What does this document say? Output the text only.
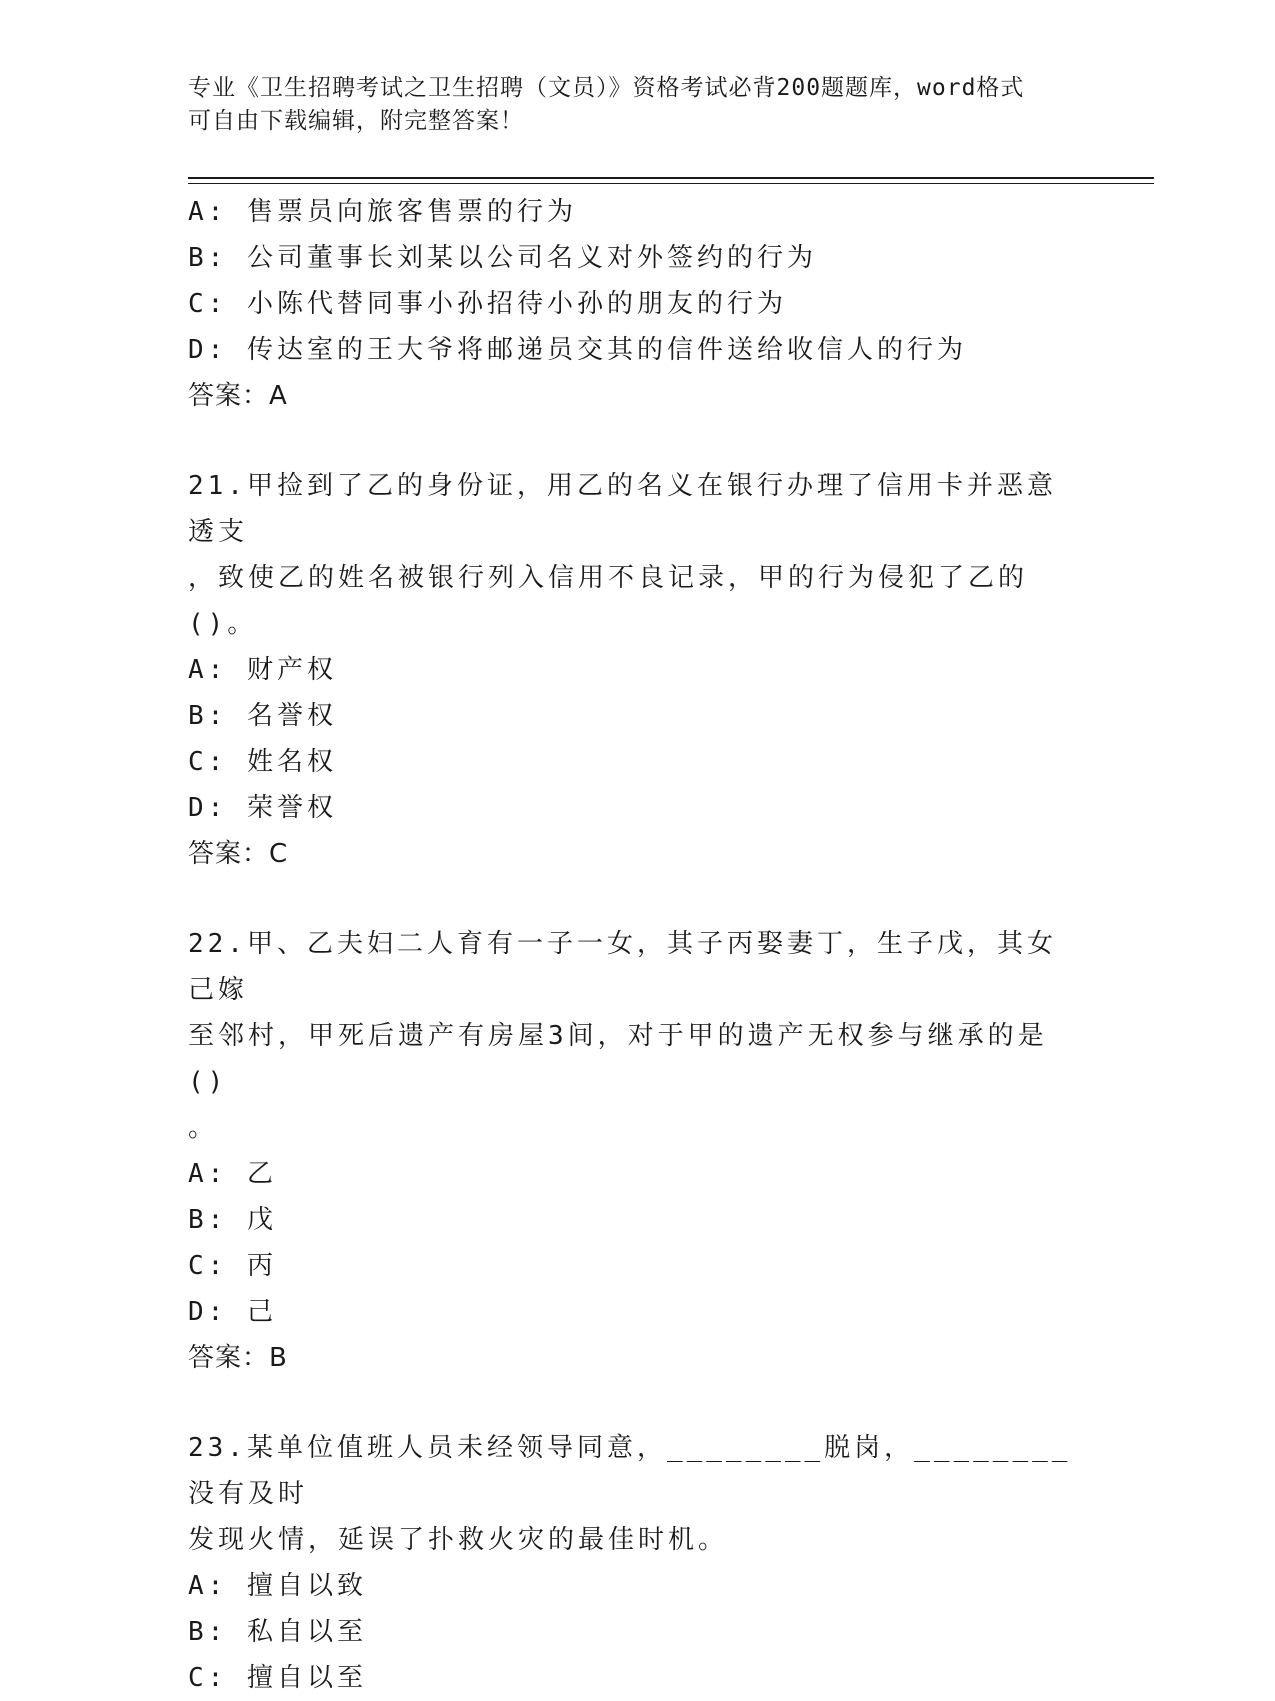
专业《卫生招聘考试之卫生招聘（文员）》资格考试必背200题题库，word格式
可自由下载编辑，附完整答案！
A: 售票员向旅客售票的行为
B: 公司董事长刘某以公司名义对外签约的行为
C: 小陈代替同事小孙招待小孙的朋友的行为
D: 传达室的王大爷将邮递员交其的信件送给收信人的行为
答案：A
21.甲捡到了乙的身份证，用乙的名义在银行办理了信用卡并恶意透支
，致使乙的姓名被银行列入信用不良记录，甲的行为侵犯了乙的()。
A: 财产权
B: 名誉权
C: 姓名权
D: 荣誉权
答案：C
22.甲、乙夫妇二人育有一子一女，其子丙娶妻丁，生子戊，其女己嫁
至邻村，甲死后遗产有房屋3间，对于甲的遗产无权参与继承的是()
。
A: 乙
B: 戊
C: 丙
D: 己
答案：B
23.某单位值班人员未经领导同意，________脱岗，________没有及时
发现火情，延误了扑救火灾的最佳时机。
A: 擅自以致
B: 私自以至
C: 擅自以至
